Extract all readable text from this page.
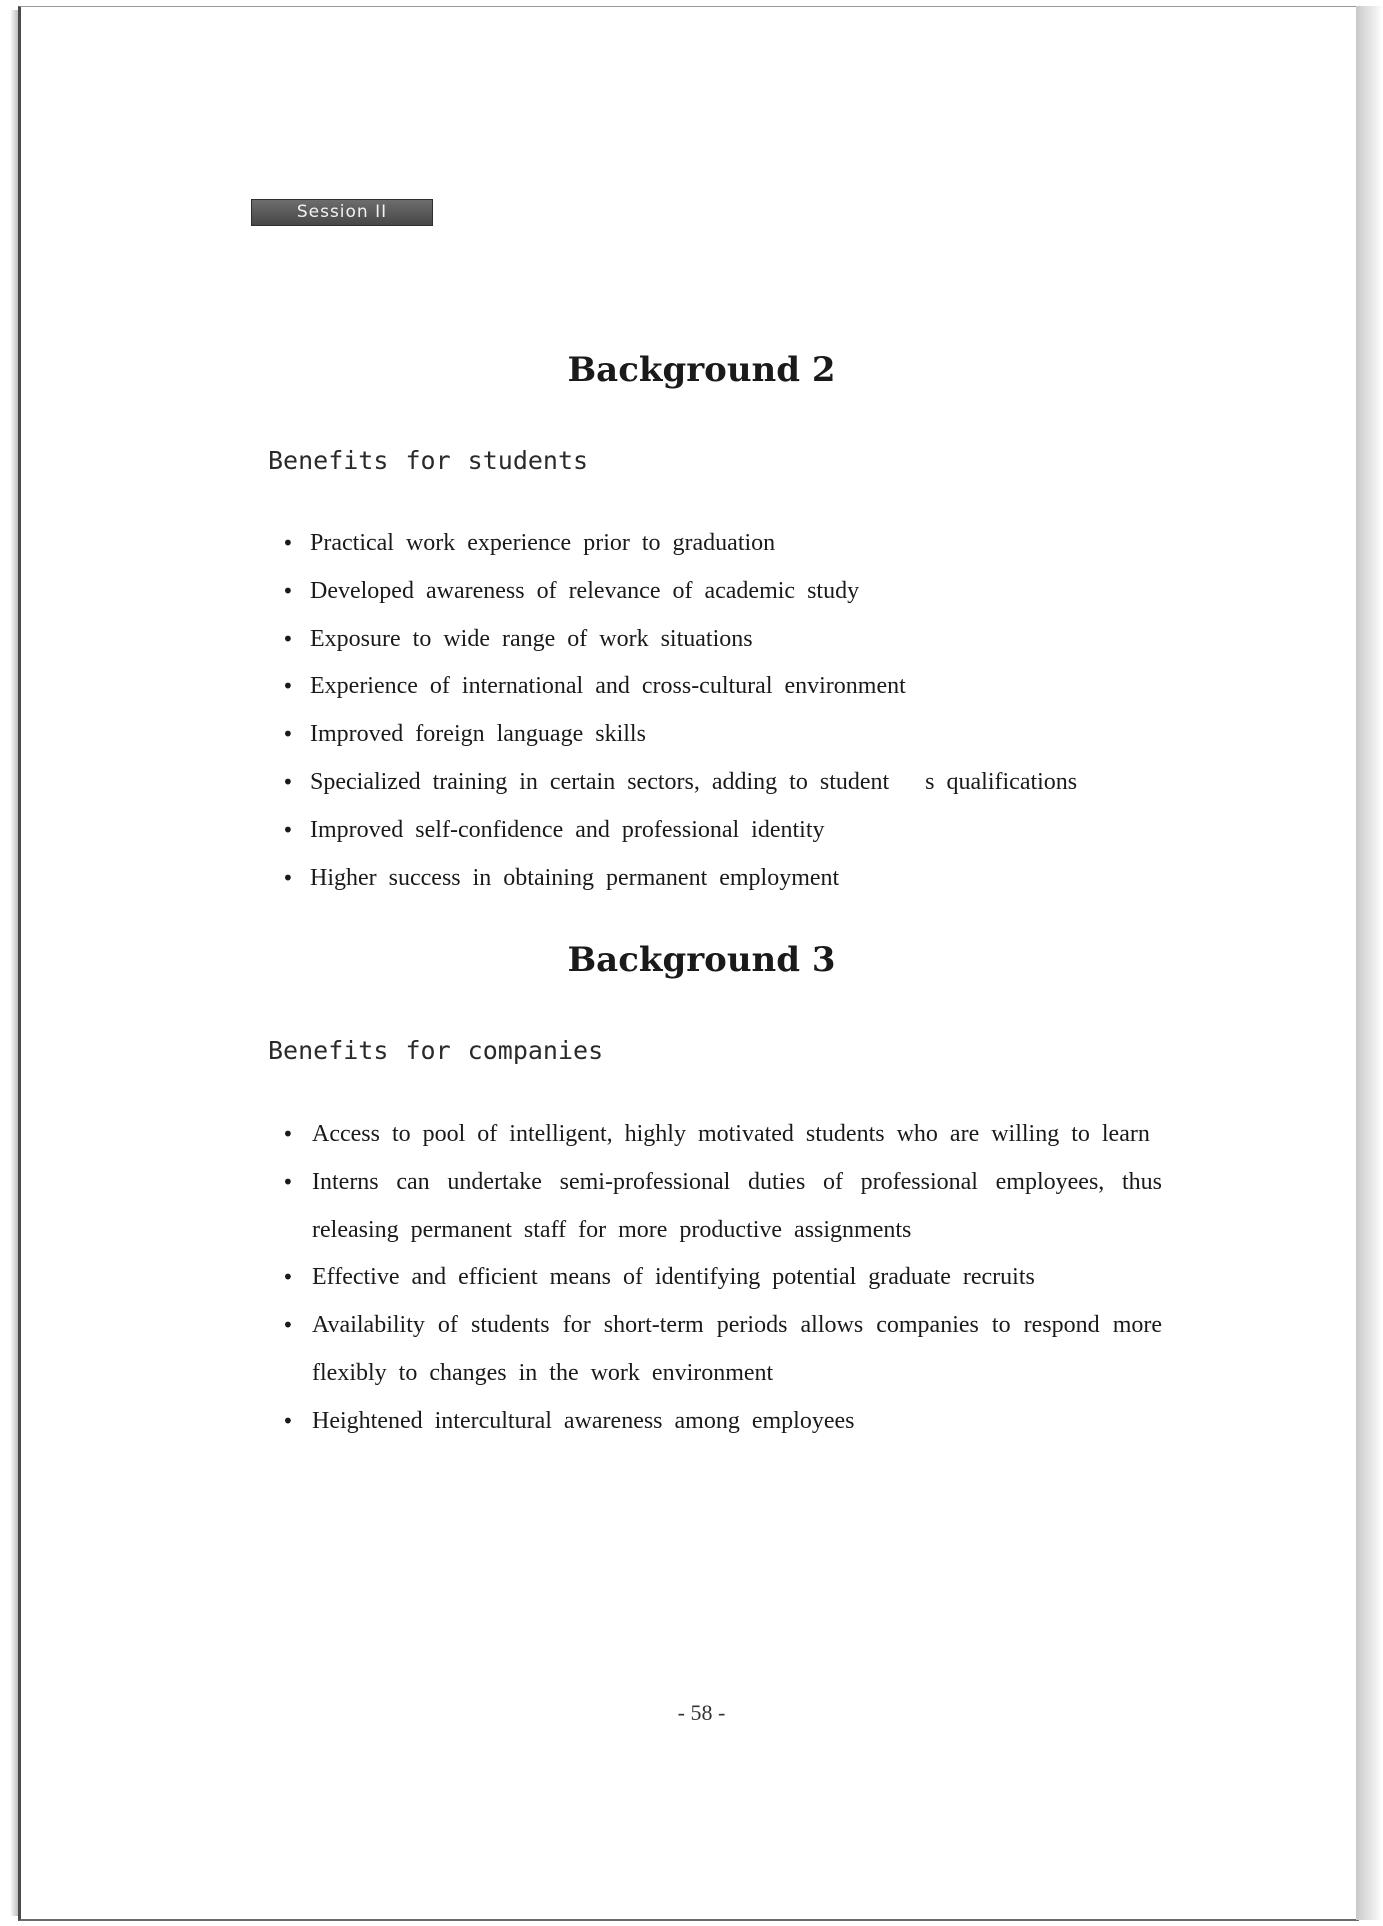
Session II
Background 2
Benefits for students
• Practical work experience prior to graduation
• Developed awareness of relevance of academic study
• Exposure to wide range of work situations
• Experience of international and cross-cultural environment
• Improved foreign language skills
• Specialized training in certain sectors, adding to student   s qualifications
• Improved self-confidence and professional identity
• Higher success in obtaining permanent employment
Background 3
Benefits for companies
• Access to pool of intelligent, highly motivated students who are willing to learn
• Interns can undertake semi-professional duties of professional employees, thus releasing permanent staff for more productive assignments
• Effective and efficient means of identifying potential graduate recruits
• Availability of students for short-term periods allows companies to respond more flexibly to changes in the work environment
• Heightened intercultural awareness among employees
- 58 -
